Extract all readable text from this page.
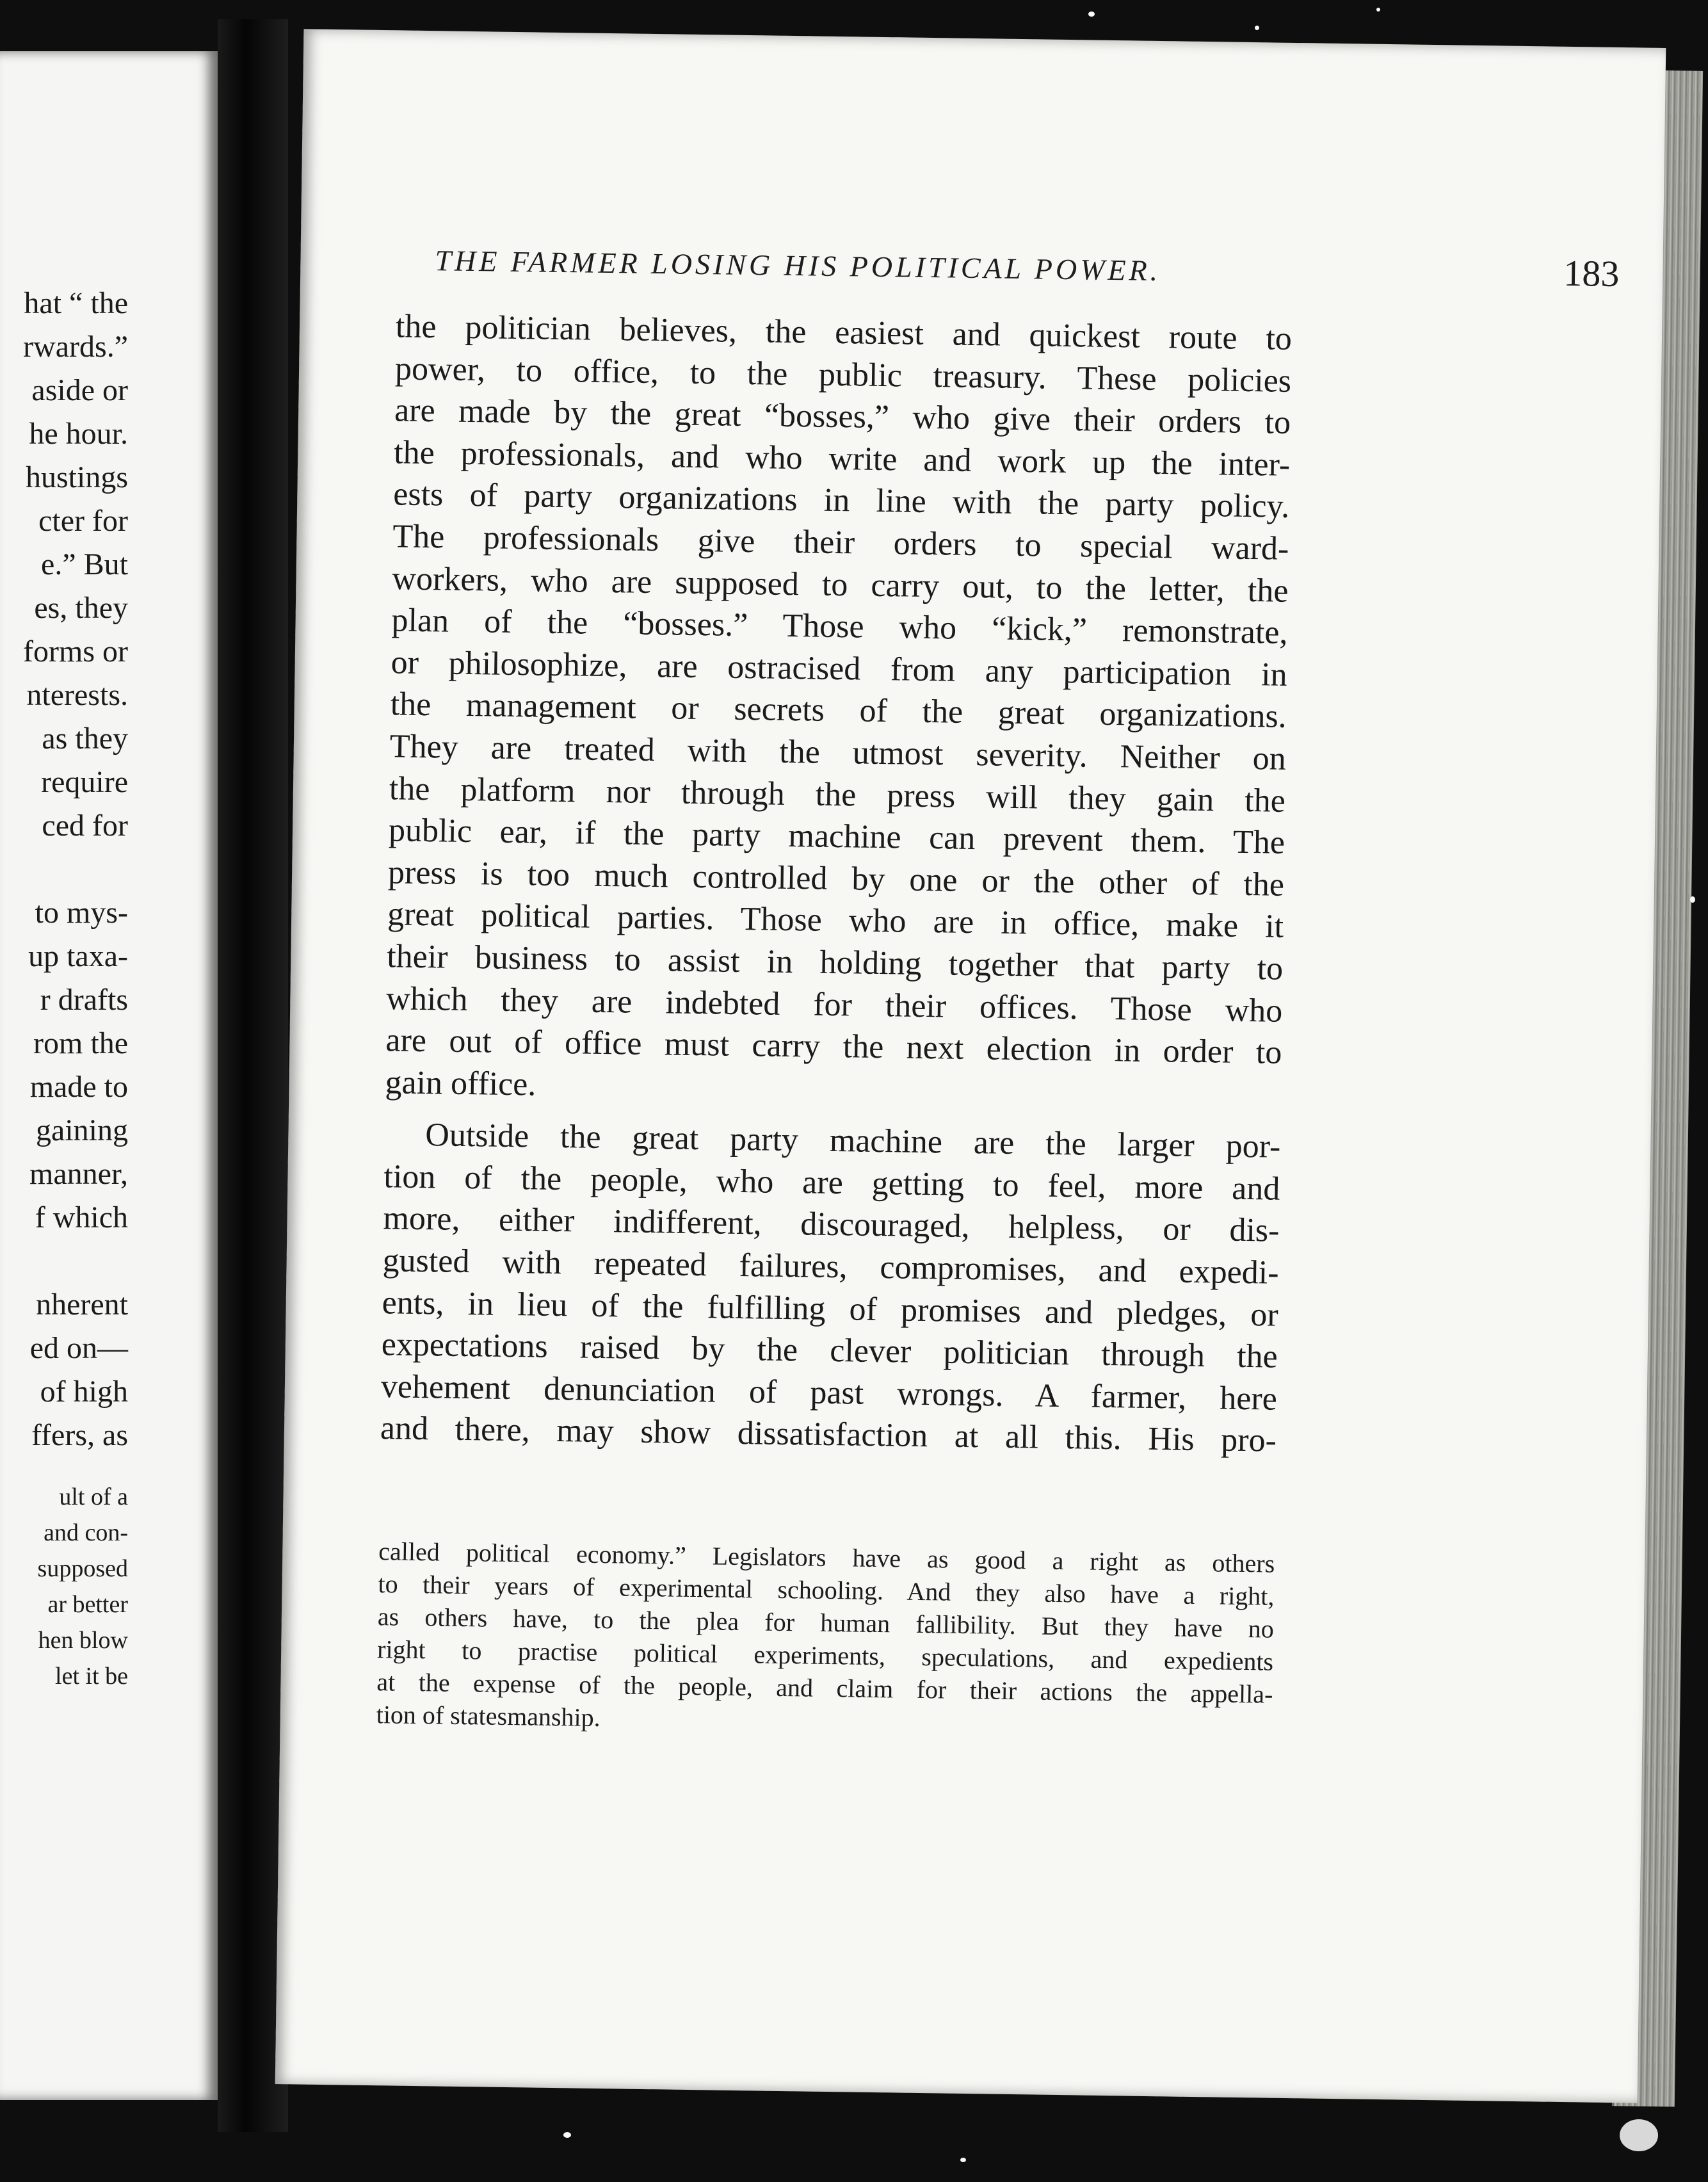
hat “ the
rwards.”
aside or
he hour.
hustings
cter for
e.” But
es, they
forms or
nterests.
as they
require
ced for
to mys-
up taxa-
r drafts
rom the
made to
gaining
manner,
f which
nherent
ed on—
of high
ffers, as
ult of a
and con-
supposed
ar better
hen blow
let it be
THE FARMER LOSING HIS POLITICAL POWER.	183
the politician believes, the easiest and quickest route to
power, to office, to the public treasury. These policies
are made by the great “bosses,” who give their orders to
the professionals, and who write and work up the inter-
ests of party organizations in line with the party policy.
The professionals give their orders to special ward-
workers, who are supposed to carry out, to the letter, the
plan of the “bosses.” Those who “kick,” remonstrate,
or philosophize, are ostracised from any participation in
the management or secrets of the great organizations.
They are treated with the utmost severity. Neither on
the platform nor through the press will they gain the
public ear, if the party machine can prevent them. The
press is too much controlled by one or the other of the
great political parties. Those who are in office, make it
their business to assist in holding together that party to
which they are indebted for their offices. Those who
are out of office must carry the next election in order to
gain office.
Outside the great party machine are the larger por-
tion of the people, who are getting to feel, more and
more, either indifferent, discouraged, helpless, or dis-
gusted with repeated failures, compromises, and expedi-
ents, in lieu of the fulfilling of promises and pledges, or
expectations raised by the clever politician through the
vehement denunciation of past wrongs. A farmer, here
and there, may show dissatisfaction at all this. His pro-
called political economy.” Legislators have as good a right as others
to their years of experimental schooling. And they also have a right,
as others have, to the plea for human fallibility. But they have no
right to practise political experiments, speculations, and expedients
at the expense of the people, and claim for their actions the appella-
tion of statesmanship.
